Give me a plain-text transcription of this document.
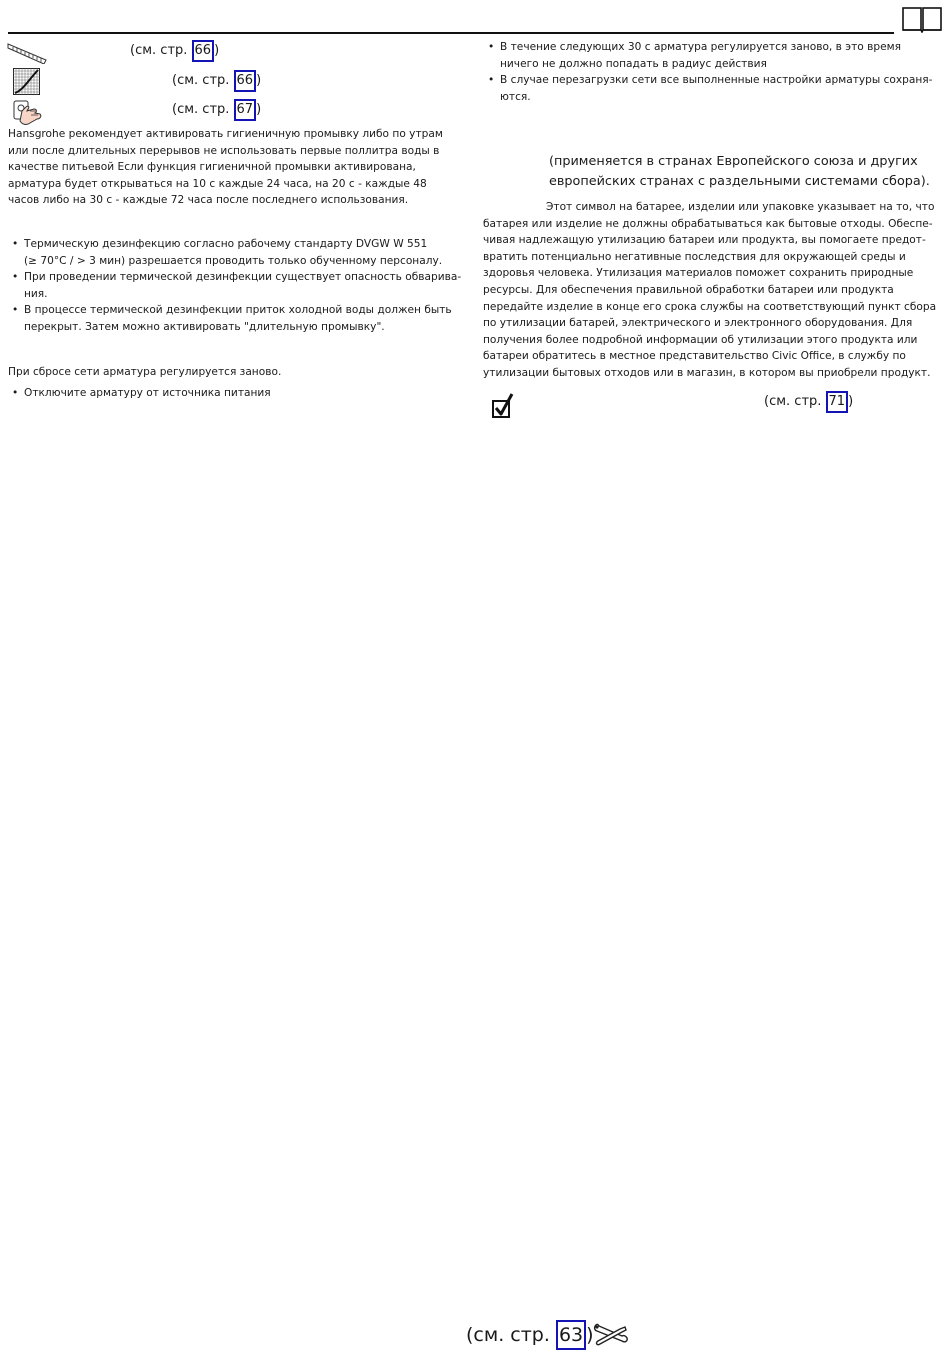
(см. стр. 66 )
(см. стр. 66 )
(см. стр. 67 )

Hansgrohe рекомендует активировать гигиеничную промывку либо по утрам

или после длительных перерывов не использовать первые поллитра воды в

качестве питьевой Если функция гигиеничной промывки активирована,

арматура будет открываться на 10 с каждые 24 часа, на 20 с - каждые 48

часов либо на 30 с - каждые 72 часа после последнего использования.

• Термическую дезинфекцию согласно рабочему стандарту DVGW W 551
(≥ 70°C / > 3 мин) разрешается проводить только обученному персоналу.
• При проведении термической дезинфекции существует опасность обварива-
ния.
• В процессе термической дезинфекции приток холодной воды должен быть
перекрыт. Затем можно активировать "длительную промывку".
При сбросе сети арматура регулируется заново.
• Отключите арматуру от источника питания
• В течение следующих 30 с арматура регулируется заново, в это время
ничего не должно попадать в радиус действия
• В случае перезагрузки сети все выполненные настройки арматуры сохраня-
ются.
(применяется в странах Европейского союза и других
европейских странах с раздельными системами сбора).

Этот символ на батарее, изделии или упаковке указывает на то, что

батарея или изделие не должны обрабатываться как бытовые отходы. Обеспе-

чивая надлежащую утилизацию батареи или продукта, вы помогаете предот-

вратить потенциально негативные последствия для окружающей среды и

здоровья человека. Утилизация материалов поможет сохранить природные

ресурсы. Для обеспечения правильной обработки батареи или продукта

передайте изделие в конце его срока службы на соответствующий пункт сбора

по утилизации батарей, электрического и электронного оборудования. Для

получения более подробной информации об утилизации этого продукта или

батареи обратитесь в местное представительство Civic Office, в службу по

утилизации бытовых отходов или в магазин, в котором вы приобрели продукт.

(см. стр. 71 )
(см. стр. 63 )
